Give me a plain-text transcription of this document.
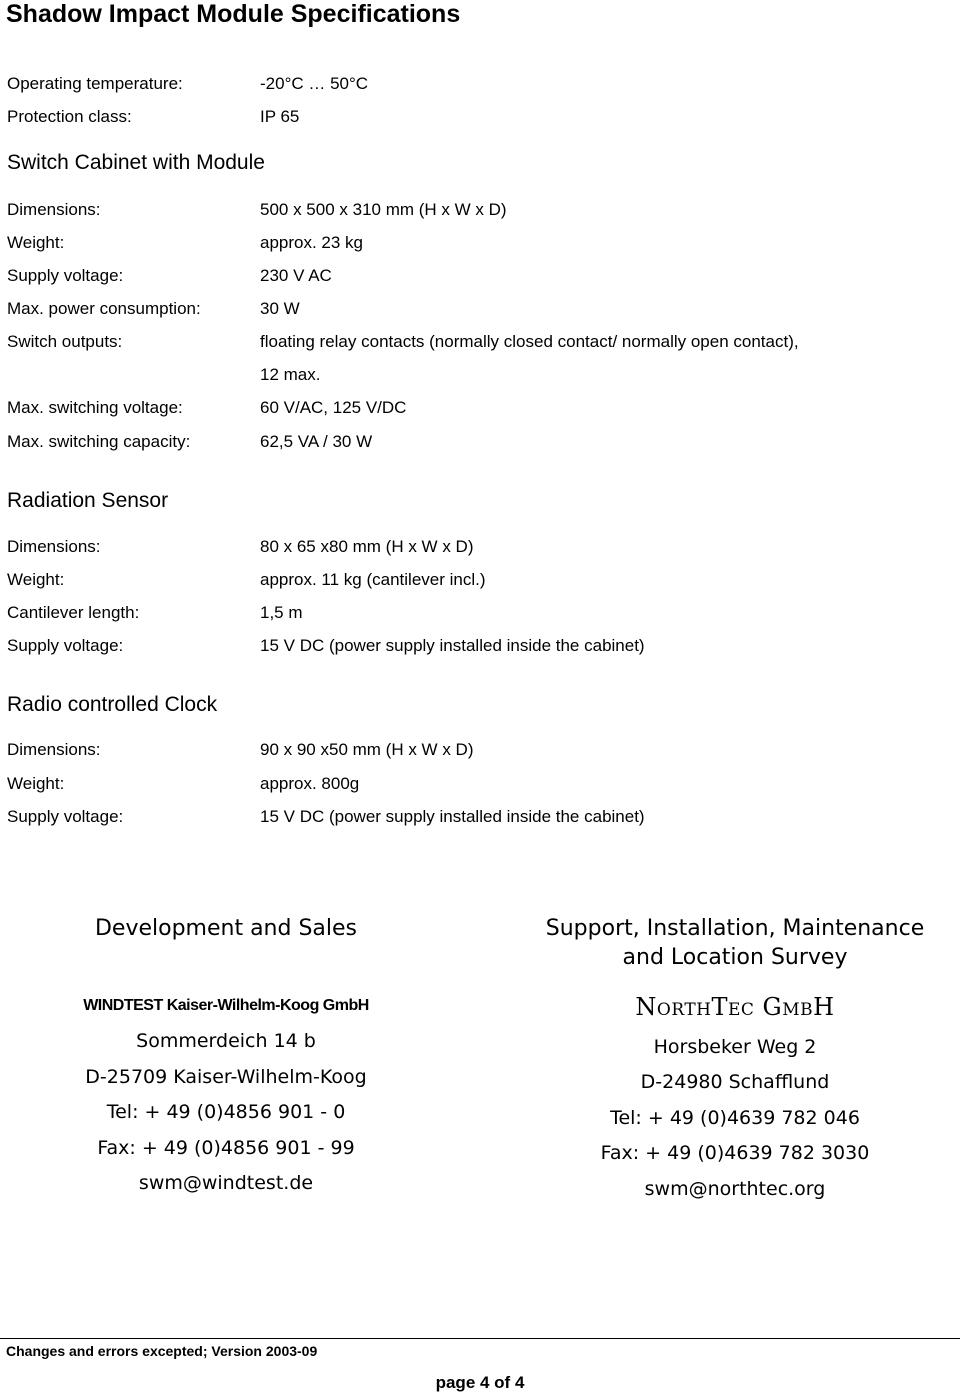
Shadow Impact Module Specifications
Operating temperature:	-20°C … 50°C
Protection class:	IP 65
Switch Cabinet with Module
Dimensions:	500 x 500 x 310 mm (H x W x D)
Weight:	approx. 23 kg
Supply voltage:	230 V AC
Max. power consumption:	30 W
Switch outputs:	floating relay contacts (normally closed contact/ normally open contact),
12 max.
Max. switching voltage:	60 V/AC, 125 V/DC
Max. switching capacity:	62,5 VA / 30 W
Radiation Sensor
Dimensions:	80 x 65 x80 mm (H x W x D)
Weight:	approx. 11 kg (cantilever incl.)
Cantilever length:	1,5 m
Supply voltage:	15 V DC (power supply installed inside the cabinet)
Radio controlled Clock
Dimensions:	90 x 90 x50 mm (H x W x D)
Weight:	approx. 800g
Supply voltage:	15 V DC (power supply installed inside the cabinet)
Development and Sales
WINDTEST Kaiser-Wilhelm-Koog GmbH
Sommerdeich 14 b
D-25709 Kaiser-Wilhelm-Koog
Tel: + 49 (0)4856 901 - 0
Fax: + 49 (0)4856 901 - 99
swm@windtest.de
Support, Installation, Maintenance
and Location Survey
NorthTec GmbH
Horsbeker Weg 2
D-24980 Schafflund
Tel: + 49 (0)4639 782 046
Fax: + 49 (0)4639 782 3030
swm@northtec.org
Changes and errors excepted; Version 2003-09
page 4 of 4
